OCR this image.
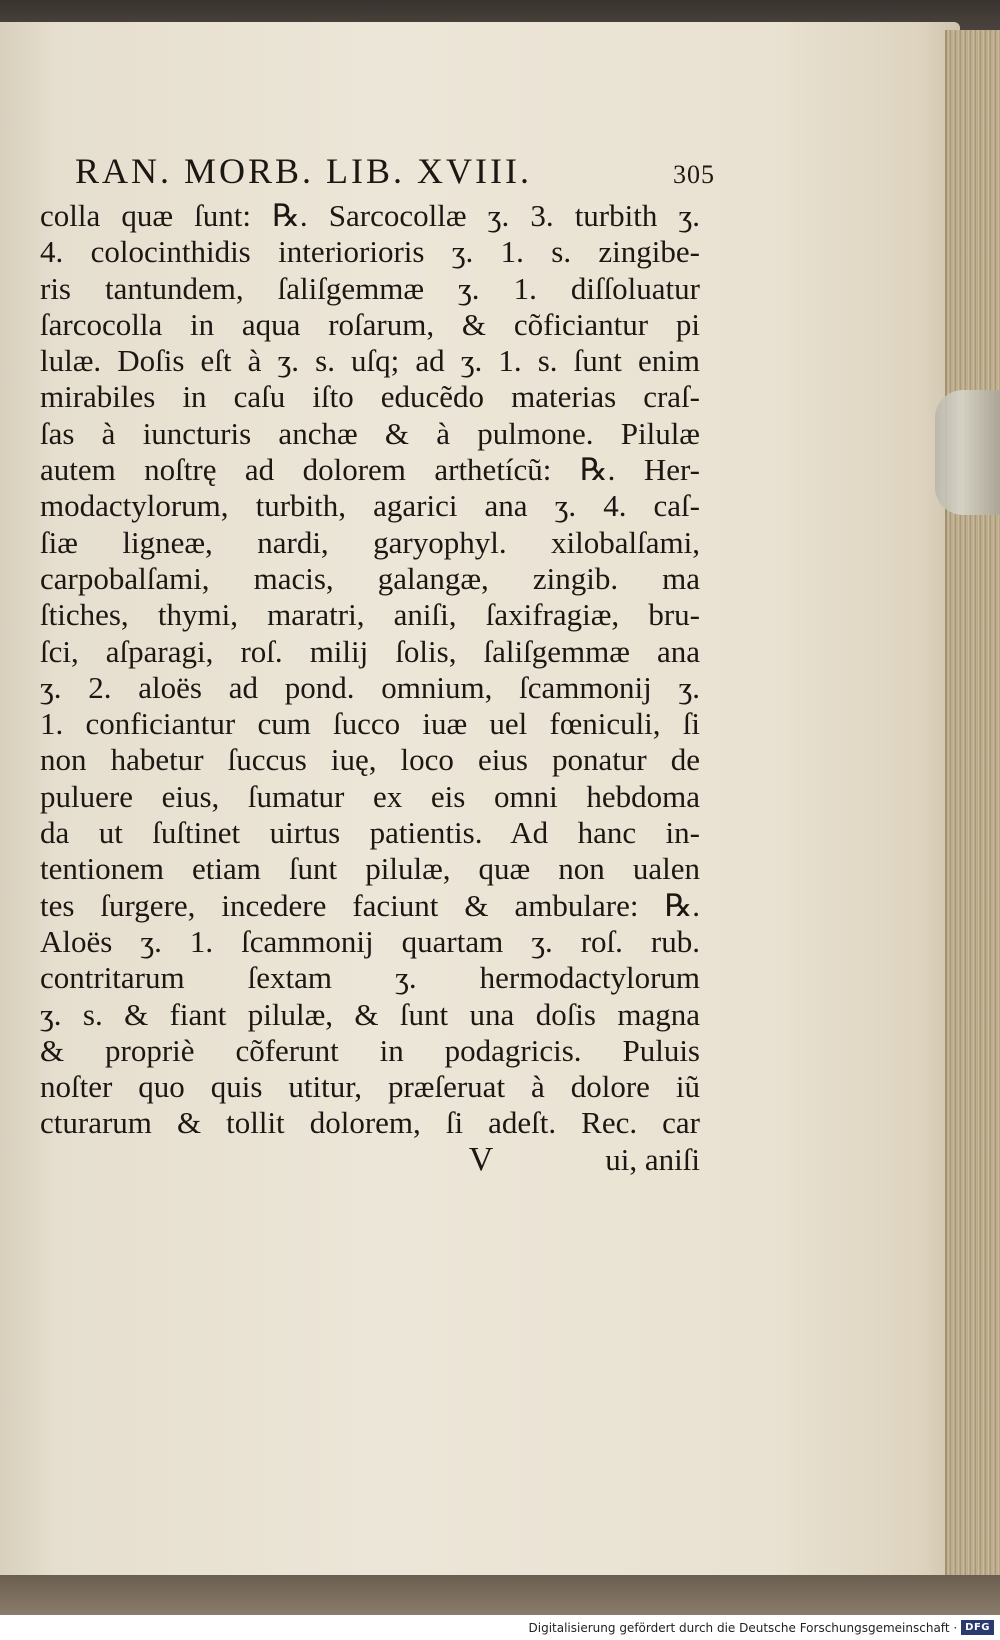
RAN. MORB. LIB. XVIII.	305
colla quæ ſunt: ℞. Sarcocollæ ʒ. 3. turbith ʒ.
4. colocinthidis interiorioris ʒ. 1. s. zingibe-
ris tantundem, ſaliſgemmæ ʒ. 1. diſſoluatur
ſarcocolla in aqua roſarum, & cõficiantur pi
lulæ. Doſis eſt à ʒ. s. uſq; ad ʒ. 1. s. ſunt enim
mirabiles in caſu iſto educẽdo materias craſ-
ſas à iuncturis anchæ & à pulmone. Pilulæ
autem noſtrę ad dolorem arthetícũ: ℞. Her-
modactylorum, turbith, agarici ana ʒ. 4. caſ-
ſiæ ligneæ, nardi, garyophyl. xilobalſami,
carpobalſami, macis, galangæ, zingib. ma
ſtiches, thymi, maratri, aniſi, ſaxifragiæ, bru-
ſci, aſparagi, roſ. milij ſolis, ſaliſgemmæ ana
ʒ. 2. aloës ad pond. omnium, ſcammonij ʒ.
1. conficiantur cum ſucco iuæ uel fœniculi, ſi
non habetur ſuccus iuę, loco eius ponatur de
puluere eius, ſumatur ex eis omni hebdoma
da ut ſuſtinet uirtus patientis. Ad hanc in-
tentionem etiam ſunt pilulæ, quæ non ualen
tes ſurgere, incedere faciunt & ambulare: ℞.
Aloës ʒ. 1. ſcammonij quartam ʒ. roſ. rub.
contritarum ſextam ʒ. hermodactylorum
ʒ. s. & fiant pilulæ, & ſunt una doſis magna
& propriè cõferunt in podagricis. Puluis
noſter quo quis utitur, præſeruat à dolore iũ
cturarum & tollit dolorem, ſi adeſt. Rec. car
V	ui, aniſi
Digitalisierung gefördert durch die Deutsche Forschungsgemeinschaft · DFG
